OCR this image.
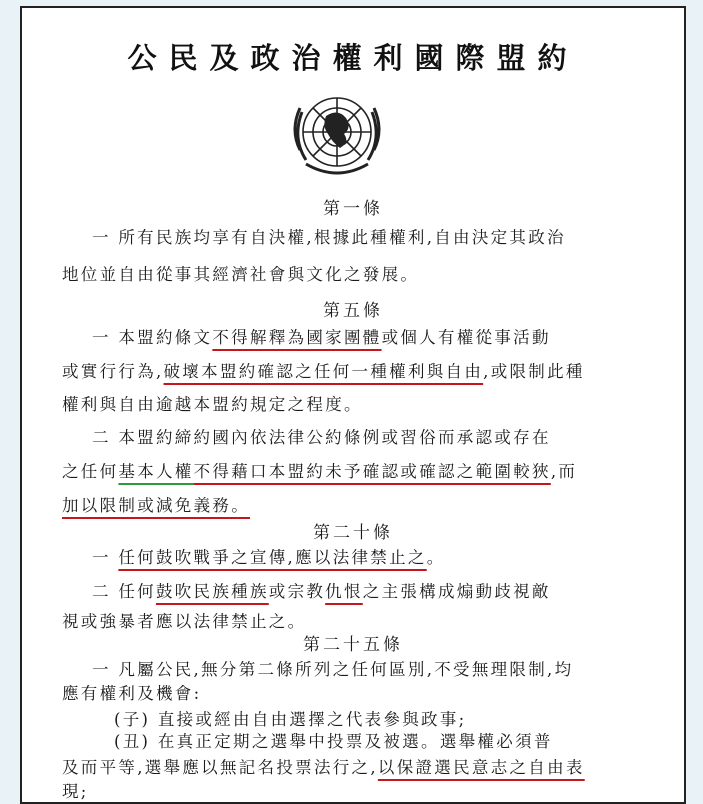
公民及政治權利國際盟約
第一條
一 所有民族均享有自決權,根據此種權利,自由決定其政治
地位並自由從事其經濟社會與文化之發展。
第五條
一 本盟約條文不得解釋為國家團體或個人有權從事活動
或實行行為,破壞本盟約確認之任何一種權利與自由,或限制此種
權利與自由逾越本盟約規定之程度。
二 本盟約締約國內依法律公約條例或習俗而承認或存在
之任何基本人權不得藉口本盟約未予確認或確認之範圍較狹,而
加以限制或減免義務。
第二十條
一 任何鼓吹戰爭之宣傳,應以法律禁止之。
二 任何鼓吹民族種族或宗教仇恨之主張構成煽動歧視敵
視或強暴者應以法律禁止之。
第二十五條
一 凡屬公民,無分第二條所列之任何區別,不受無理限制,均
應有權利及機會:
(子) 直接或經由自由選擇之代表參與政事;
(丑) 在真正定期之選舉中投票及被選。選舉權必須普
及而平等,選舉應以無記名投票法行之,以保證選民意志之自由表
現;
